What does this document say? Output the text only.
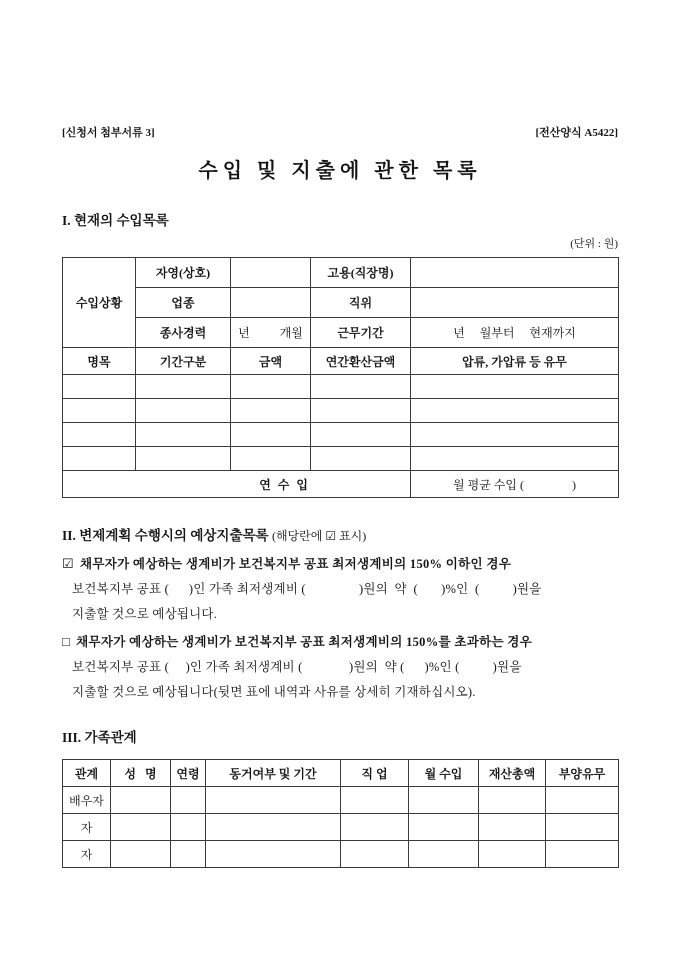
[신청서 첨부서류 3]	[전산양식 A5422]
수입 및 지출에 관한 목록
I. 현재의 수입목록
(단위 : 원)
수입상황	자영(상호)		고용(직장명)	
	업종		직위	
	종사경력	년          개월	근무기간	년     월부터     현재까지
명목	기간구분	금액	연간환산금액	압류, 가압류 등 유무

연 수 입				월 평균 수입 (                )
II. 변제계획 수행시의 예상지출목록 (해당란에 ☑ 표시)
☑ 채무자가 예상하는 생계비가 보건복지부 공표 최저생계비의 150% 이하인 경우
보건복지부 공표 (      )인 가족 최저생계비 (                )원의  약  (       )%인  (          )원을
지출할 것으로 예상됩니다.
□ 채무자가 예상하는 생계비가 보건복지부 공표 최저생계비의 150%를 초과하는 경우
보건복지부 공표 (     )인 가족 최저생계비 (              )원의  약 (      )%인 (          )원을
지출할 것으로 예상됩니다(뒷면 표에 내역과 사유를 상세히 기재하십시오).
III. 가족관계
관계	성   명	연령	동거여부 및 기간	직 업	월 수입	재산총액	부양유무
배우자							
자							
자							
